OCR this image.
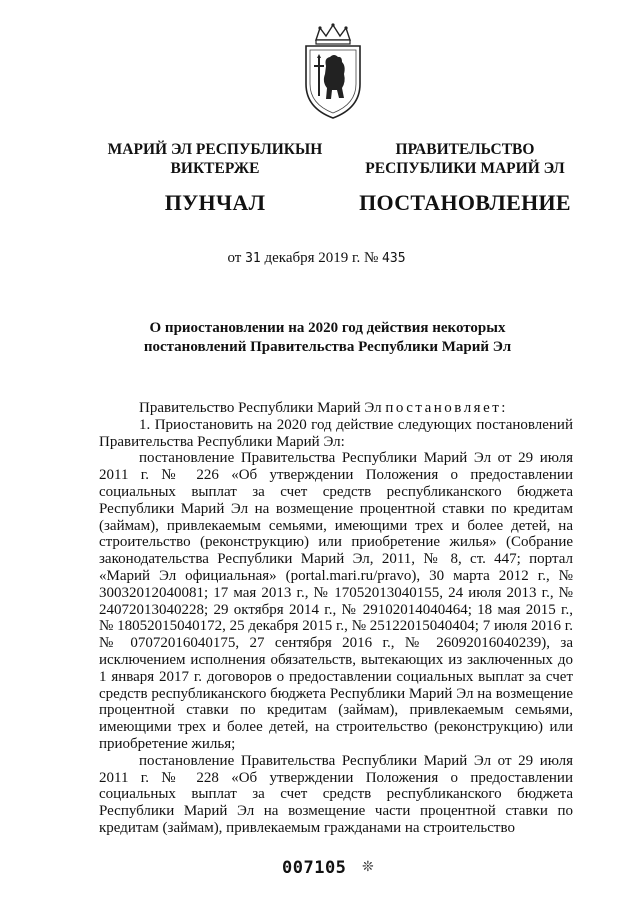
МАРИЙ ЭЛ РЕСПУБЛИКЫН
ВИКТЕРЖЕ
ПУНЧАЛ
ПРАВИТЕЛЬСТВО
РЕСПУБЛИКИ МАРИЙ ЭЛ
ПОСТАНОВЛЕНИЕ
от 31 декабря 2019 г. № 435
О приостановлении на 2020 год действия некоторых
постановлений Правительства Республики Марий Эл

Правительство Республики Марий Эл постановляет:

1. Приостановить на 2020 год действие следующих постановлений Правительства Республики Марий Эл:

постановление Правительства Республики Марий Эл от 29 июля 2011 г. № 226 «Об утверждении Положения о предоставлении социальных выплат за счет средств республиканского бюджета Республики Марий Эл на возмещение процентной ставки по кредитам (займам), привлекаемым семьями, имеющими трех и более детей, на строительство (реконструкцию) или приобретение жилья» (Собрание законодательства Республики Марий Эл, 2011, № 8, ст. 447; портал «Марий Эл официальная» (portal.mari.ru/pravo), 30 марта 2012 г., № 30032012040081; 17 мая 2013 г., № 17052013040155, 24 июля 2013 г., № 24072013040228; 29 октября 2014 г., № 29102014040464; 18 мая 2015 г., № 18052015040172, 25 декабря 2015 г., № 25122015040404; 7 июля 2016 г. № 07072016040175, 27 сентября 2016 г., № 26092016040239), за исключением исполнения обязательств, вытекающих из заключенных до 1 января 2017 г. договоров о предоставлении социальных выплат за счет средств республиканского бюджета Республики Марий Эл на возмещение процентной ставки по кредитам (займам), привлекаемым семьями, имеющими трех и более детей, на строительство (реконструкцию) или приобретение жилья;

постановление Правительства Республики Марий Эл от 29 июля 2011 г. № 228 «Об утверждении Положения о предоставлении социальных выплат за счет средств республиканского бюджета Республики Марий Эл на возмещение части процентной ставки по кредитам (займам), привлекаемым гражданами на строительство

007105 ❊
